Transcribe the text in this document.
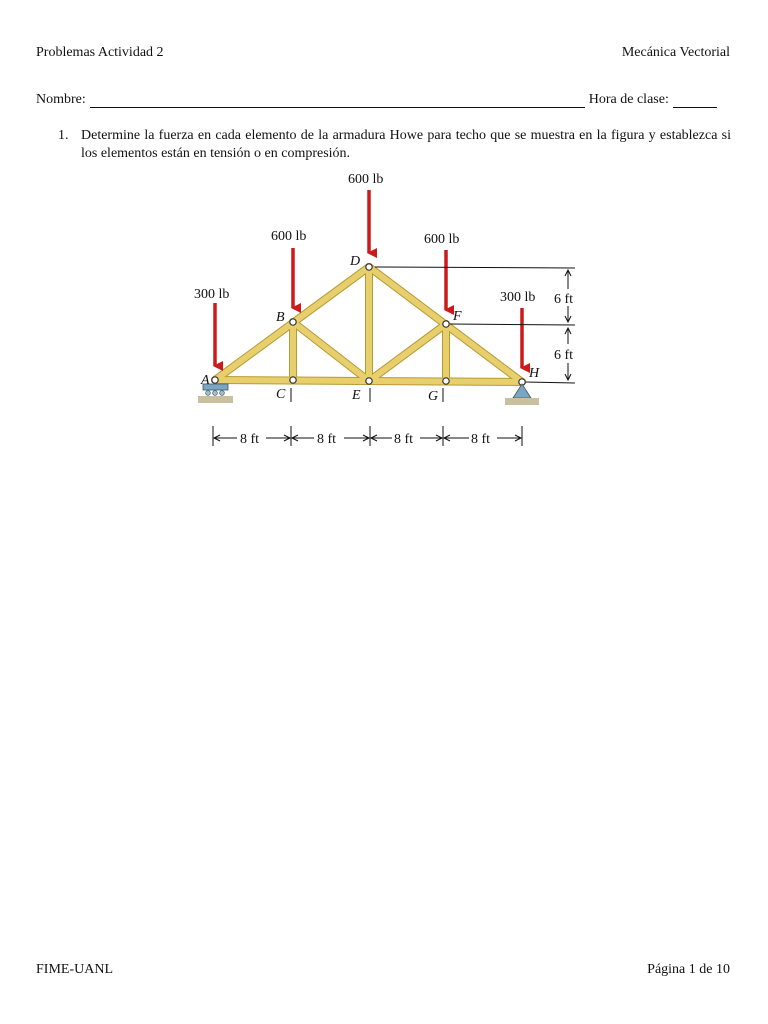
Problemas Actividad 2	Mecánica Vectorial
Nombre:	Hora de clase:
1. Determine la fuerza en cada elemento de la armadura Howe para techo que se muestra en la figura y establezca si los elementos están en tensión o en compresión.
300 lb
600 lb
600 lb
600 lb
300 lb
A
B
C
D
E
F
G
H
6 ft
6 ft
8 ft	8 ft	8 ft	8 ft
FIME-UANL	Página 1 de 10
